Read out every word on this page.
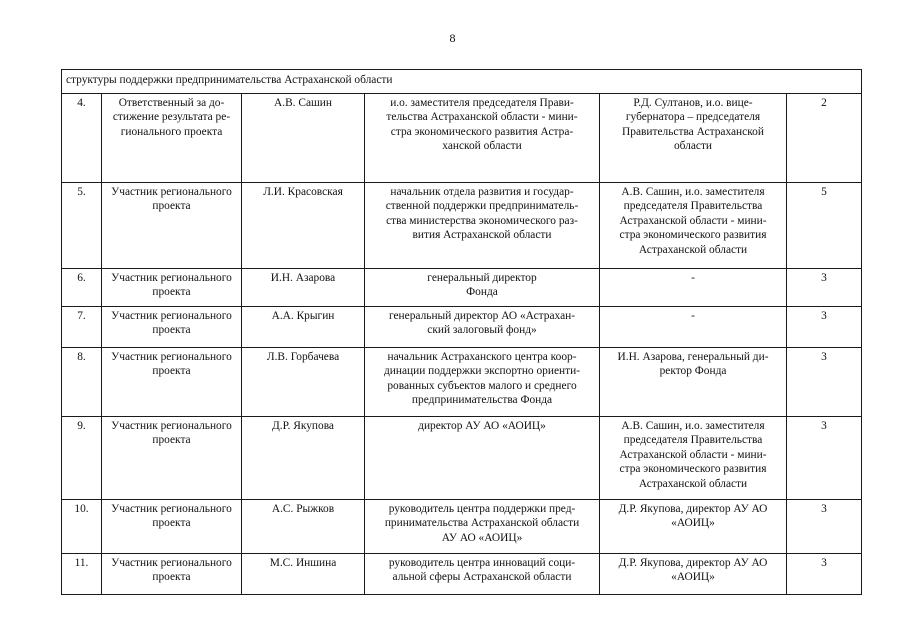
8
структуры поддержки предпринимательства Астраханской области					
4.	Ответственный за до-
стижение результата ре-
гионального проекта	А.В. Сашин	и.о. заместителя председателя Прави-
тельства Астраханской области - мини-
стра экономического развития Астра-
ханской области	Р.Д. Султанов, и.о. вице-
губернатора – председателя
Правительства Астраханской
области	2
5.	Участник регионального
проекта	Л.И. Красовская	начальник отдела развития и государ-
ственной поддержки предприниматель-
ства министерства экономического раз-
вития Астраханской области	А.В. Сашин, и.о. заместителя
председателя Правительства
Астраханской области - мини-
стра экономического развития
Астраханской области	5
6.	Участник регионального
проекта	И.Н. Азарова	генеральный директор
Фонда	-	3
7.	Участник регионального
проекта	А.А. Крыгин	генеральный директор АО «Астрахан-
ский залоговый фонд»	-	3
8.	Участник регионального
проекта	Л.В. Горбачева	начальник Астраханского центра коор-
динации поддержки экспортно ориенти-
рованных субъектов малого и среднего
предпринимательства Фонда	И.Н. Азарова, генеральный ди-
ректор Фонда	3
9.	Участник регионального
проекта	Д.Р. Якупова	директор АУ АО «АОИЦ»	А.В. Сашин, и.о. заместителя
председателя Правительства
Астраханской области - мини-
стра экономического развития
Астраханской области	3
10.	Участник регионального
проекта	А.С. Рыжков	руководитель центра поддержки пред-
принимательства Астраханской области
АУ АО «АОИЦ»	Д.Р. Якупова, директор АУ АО
«АОИЦ»	3
11.	Участник регионального
проекта	М.С. Иншина	руководитель центра инноваций соци-
альной сферы Астраханской области	Д.Р. Якупова, директор АУ АО
«АОИЦ»	3
